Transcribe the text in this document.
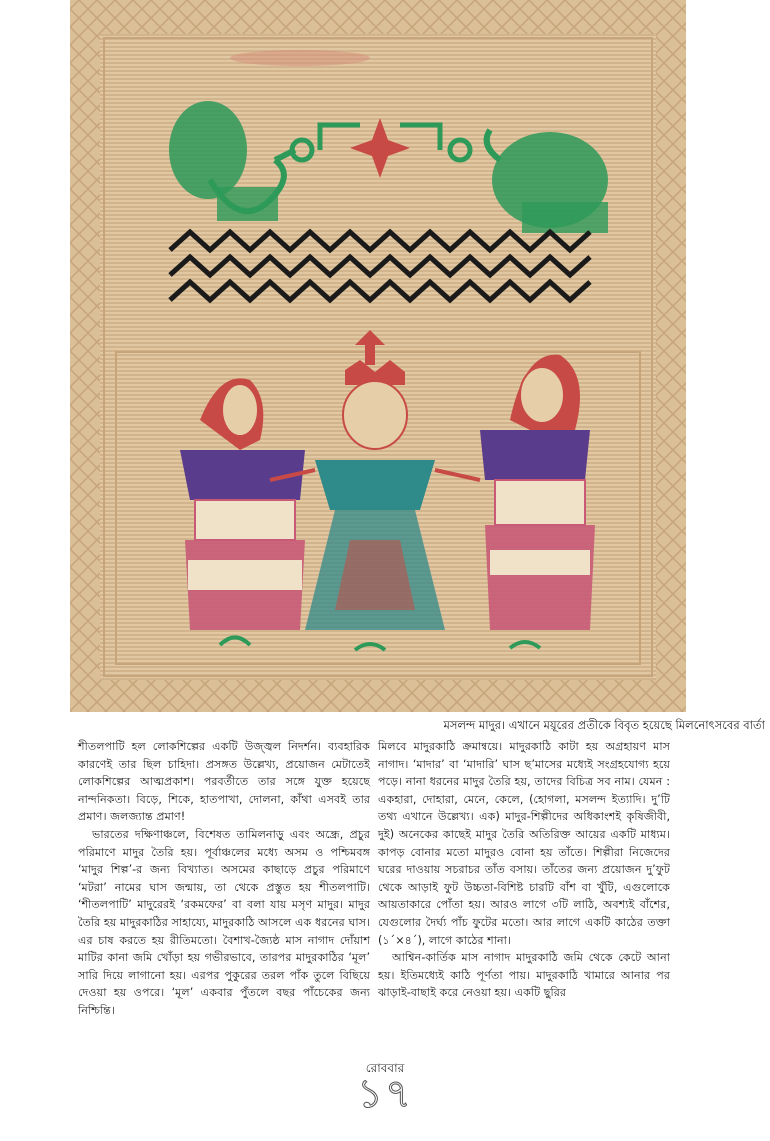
মসলন্দ মাদুর। এখানে ময়ূরের প্রতীকে বিবৃত হয়েছে মিলনোৎসবের বার্তা

শীতলপাটি হল লোকশিল্পের একটি উজ্জ্বল নিদর্শন। ব্যবহারিক কারণেই তার ছিল চাহিদা। প্রসঙ্গত উল্লেখ্য, প্রয়োজন মেটাতেই লোকশিল্পের আত্মপ্রকাশ। পরবর্তীতে তার সঙ্গে যুক্ত হয়েছে নান্দনিকতা। বিড়ে, শিকে, হাতপাখা, দোলনা, কাঁথা এসবই তার প্রমাণ। জলজ্যান্ত প্রমাণ!

ভারতের দক্ষিণাঞ্চলে, বিশেষত তামিলনাড়ু এবং অন্ধ্রে, প্রচুর পরিমাণে মাদুর তৈরি হয়। পূর্বাঞ্চলের মধ্যে অসম ও পশ্চিমবঙ্গ ‘মাদুর শিল্প’-র জন্য বিখ্যাত। অসমের কাছাড়ে প্রচুর পরিমাণে ‘মটরা’ নামের ঘাস জন্মায়, তা থেকে প্রস্তুত হয় শীতলপাটি। ‘শীতলপাটি’ মাদুরেরই ‘রকমফের’ বা বলা যায় মসৃণ মাদুর। মাদুর তৈরি হয় মাদুরকাঠির সাহায্যে, মাদুরকাঠি আসলে এক ধরনের ঘাস। এর চাষ করতে হয় রীতিমতো। বৈশাখ-জ্যৈষ্ঠ মাস নাগাদ দোঁয়াশ মাটির কানা জমি খোঁড়া হয় গভীরভাবে, তারপর মাদুরকাঠির ‘মূল’ সারি দিয়ে লাগানো হয়। এরপর পুকুরের তরল পাঁক তুলে বিছিয়ে দেওয়া হয় ওপরে। ‘মূল’ একবার পুঁতলে বছর পাঁচেকের জন্য নিশ্চিন্তি।

মিলবে মাদুরকাঠি ক্রমান্বয়ে। মাদুরকাঠি কাটা হয় অগ্রহায়ণ মাস নাগাদ। ‘মাদার’ বা ‘মাদারি’ ঘাস ছ’মাসের মধ্যেই সংগ্রহযোগ্য হয়ে পড়ে। নানা ধরনের মাদুর তৈরি হয়, তাদের বিচিত্র সব নাম। যেমন : একহারা, দোহারা, মেনে, কেলে, (হোগলা, মসলন্দ ইত্যাদি। দু’টি তথ্য এখানে উল্লেখ্য। এক) মাদুর-শিল্পীদের অধিকাংশই কৃষিজীবী, দুই) অনেকের কাছেই মাদুর তৈরি অতিরিক্ত আয়ের একটি মাধ্যম। কাপড় বোনার মতো মাদুরও বোনা হয় তাঁতে। শিল্পীরা নিজেদের ঘরের দাওয়ায় সচরাচর তাঁত বসায়। তাঁতের জন্য প্রয়োজন দু’ফুট থেকে আড়াই ফুট উচ্চতা-বিশিষ্ট চারটি বাঁশ বা খুঁটি, এগুলোকে আয়তাকারে পোঁতা হয়। আরও লাগে ৩টি লাঠি, অবশ্যই বাঁশের, যেগুলোর দৈর্ঘ্য পাঁচ ফুটের মতো। আর লাগে একটি কাঠের তক্তা (১´×৪´), লাগে কাঠের শানা।

আশ্বিন-কার্তিক মাস নাগাদ মাদুরকাঠি জমি থেকে কেটে আনা হয়। ইতিমধ্যেই কাঠি পূর্ণতা পায়। মাদুরকাঠি খামারে আনার পর ঝাড়াই-বাছাই করে নেওয়া হয়। একটি ছুরির

রোববার
১৭
